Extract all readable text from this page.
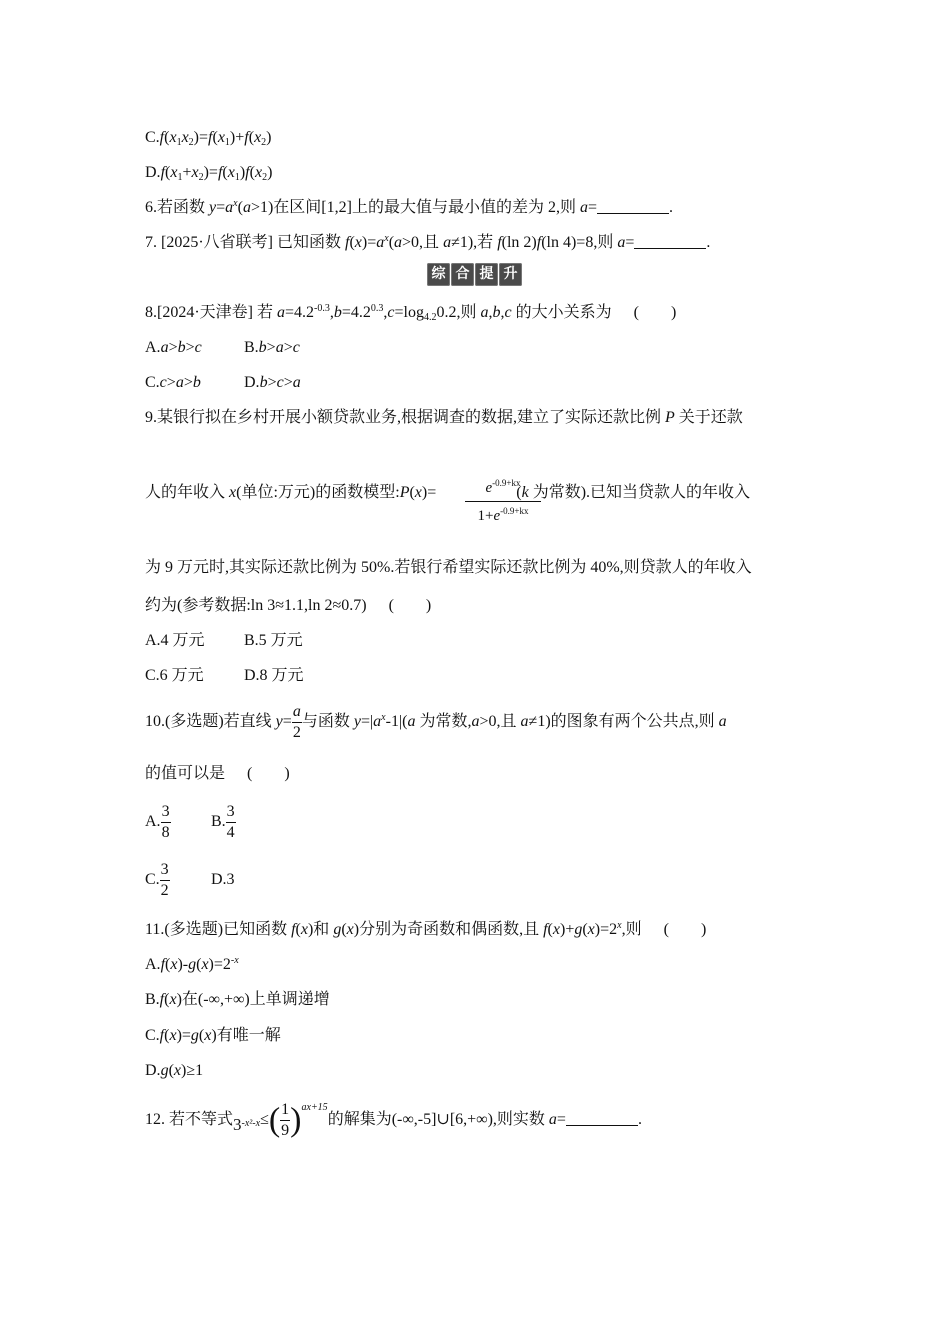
$C.f(x_1x_2)=f(x_1)+f(x_2)$
$D.f(x_1+x_2)=f(x_1)f(x_2)$
6.若函数 $y=a^x(a>1)$在区间[1,2]上的最大值与最小值的差为 2,则 a=	.
7. [2025·八省联考] 已知函数 $f(x)=a^x(a>0$,且 a≠1),若 f(ln 2)f(ln 4)=8,则 a=	.
综 合 提 升
8.[2024·天津卷] 若 $a=4.2^{-0.3},b=4.2^{0.3},c=\log_{4.2}0.2$,则 a,b,c 的大小关系为 (　　)
A.a>b>c	B.b>a>c
C.c>a>b	D.b>c>a
9.某银行拟在乡村开展小额贷款业务,根据调查的数据,建立了实际还款比例 P 关于还款
人的年收入 x(单位:万元)的函数模型:P(x)=	(k 为常数).已知当贷款人的年收入
$\frac{e^{-0.9+kx}}{1+e^{-0.9+kx}}$
为 9 万元时,其实际还款比例为 50%.若银行希望实际还款比例为 40%,则贷款人的年收入
约为(参考数据:ln 3≈1.1,ln 2≈0.7) (　　)
A.4 万元 B.5 万元
C.6 万元	D.8 万元
10.(多选题)若直线 $y= \frac{a}{2}$ 与函数 $y=|a^x-1|(a$ 为常数,a>0,且 a≠1)的图象有两个公共点,则 a
的值可以是 (　　)
A. $\frac{3}{8}$	B. $\frac{3}{4}$
C. $\frac{3}{2}$	D.3
11.(多选题)已知函数 f(x)和 g(x)分别为奇函数和偶函数,且 $f(x)+g(x)=2^x$,则 (　　)
$A.f(x)-g(x)=2^{-x}$
B.f(x)在(-∞,+∞)上单调递增
C.f(x)=g(x)有唯一解
D.g(x)≥1
12. 若不等式$3^{-x^2-x}\le( \frac{1}{9} )^{ax+15}$的解集为(-∞,-5]∪[6,+∞),则实数 a=	.
